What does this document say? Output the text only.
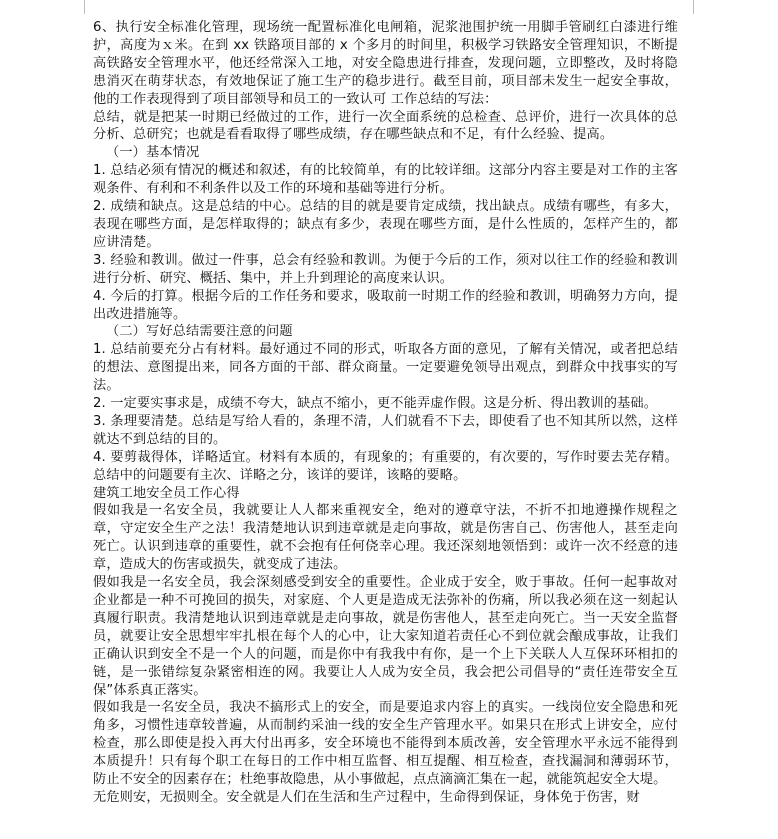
6、执行安全标准化管理，现场统一配置标准化电闸箱，泥浆池围护统一用脚手管刷红白漆进行维护，高度为ｘ米。在到 xx 铁路项目部的 x 个多月的时间里，积极学习铁路安全管理知识，不断提高铁路安全管理水平，他还经常深入工地，对安全隐患进行排查，发现问题，立即整改，及时将隐患消灭在萌芽状态，有效地保证了施工生产的稳步进行。截至目前，项目部未发生一起安全事故，他的工作表现得到了项目部领导和员工的一致认可 工作总结的写法：

总结，就是把某一时期已经做过的工作，进行一次全面系统的总检查、总评价，进行一次具体的总分析、总研究；也就是看看取得了哪些成绩，存在哪些缺点和不足，有什么经验、提高。

（一）基本情况

1. 总结必须有情况的概述和叙述，有的比较简单，有的比较详细。这部分内容主要是对工作的主客观条件、有利和不利条件以及工作的环境和基础等进行分析。

2. 成绩和缺点。这是总结的中心。总结的目的就是要肯定成绩，找出缺点。成绩有哪些，有多大，表现在哪些方面，是怎样取得的；缺点有多少，表现在哪些方面，是什么性质的，怎样产生的，都应讲清楚。

3. 经验和教训。做过一件事，总会有经验和教训。为便于今后的工作，须对以往工作的经验和教训进行分析、研究、概括、集中，并上升到理论的高度来认识。

4. 今后的打算。根据今后的工作任务和要求，吸取前一时期工作的经验和教训，明确努力方向，提出改进措施等。

（二）写好总结需要注意的问题

1. 总结前要充分占有材料。最好通过不同的形式，听取各方面的意见，了解有关情况，或者把总结的想法、意图提出来，同各方面的干部、群众商量。一定要避免领导出观点，到群众中找事实的写法。

2. 一定要实事求是，成绩不夸大，缺点不缩小，更不能弄虚作假。这是分析、得出教训的基础。

3. 条理要清楚。总结是写给人看的，条理不清，人们就看不下去，即使看了也不知其所以然，这样就达不到总结的目的。

4. 要剪裁得体，详略适宜。材料有本质的，有现象的；有重要的，有次要的，写作时要去芜存精。总结中的问题要有主次、详略之分，该详的要详，该略的要略。

建筑工地安全员工作心得

假如我是一名安全员，我就要让人人都来重视安全，绝对的遵章守法，不折不扣地遵操作规程之章，守定安全生产之法！我清楚地认识到违章就是走向事故，就是伤害自己、伤害他人，甚至走向死亡。认识到违章的重要性，就不会抱有任何侥幸心理。我还深刻地领悟到：或许一次不经意的违章，造成大的伤害或损失，就变成了违法。

假如我是一名安全员，我会深刻感受到安全的重要性。企业成于安全，败于事故。任何一起事故对企业都是一种不可挽回的损失，对家庭、个人更是造成无法弥补的伤痛，所以我必须在这一刻起认真履行职责。我清楚地认识到违章就是走向事故，就是伤害他人，甚至走向死亡。当一天安全监督员，就要让安全思想牢牢扎根在每个人的心中，让大家知道若责任心不到位就会酿成事故，让我们正确认识到安全不是一个人的问题，而是你中有我我中有你，是一个上下关联人人互保环环相扣的链，是一张错综复杂紧密相连的网。我要让人人成为安全员，我会把公司倡导的“责任连带安全互保”体系真正落实。

假如我是一名安全员，我决不搞形式上的安全，而是要追求内容上的真实。一线岗位安全隐患和死角多，习惯性违章较普遍，从而制约采油一线的安全生产管理水平。如果只在形式上讲安全，应付检查，那么即使是投入再大付出再多，安全环境也不能得到本质改善，安全管理水平永远不能得到本质提升！只有每个职工在每日的工作中相互监督、相互提醒、相互检查，查找漏洞和薄弱环节，防止不安全的因素存在；杜绝事故隐患，从小事做起，点点滴滴汇集在一起，就能筑起安全大堤。

无危则安，无损则全。安全就是人们在生活和生产过程中，生命得到保证，身体免于伤害，财
